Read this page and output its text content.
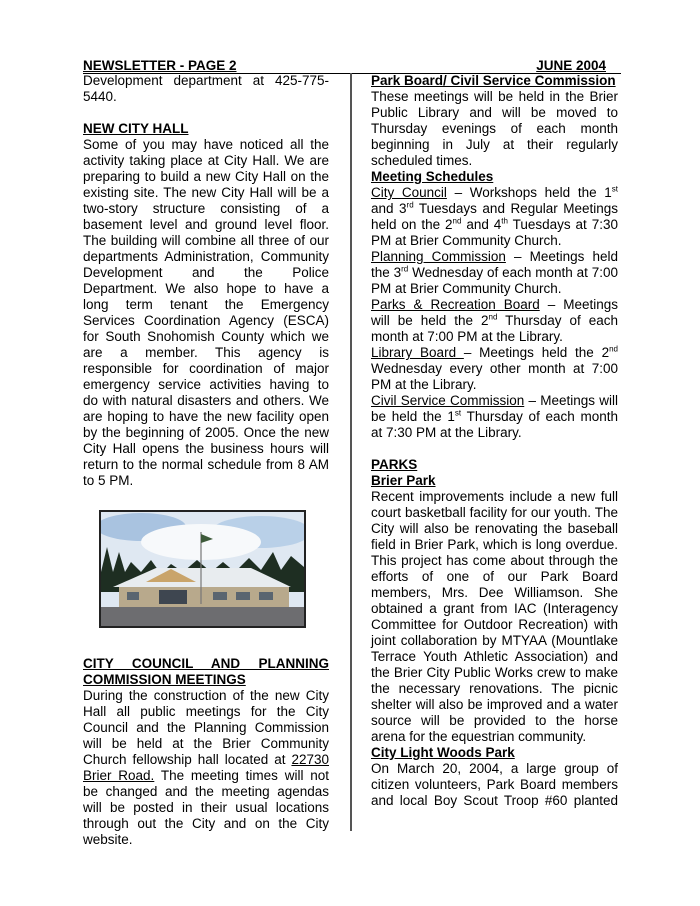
NEWSLETTER - PAGE 2	JUNE 2004

Development department at 425-775-5440.

NEW CITY HALL

Some of you may have noticed all the activity taking place at City Hall. We are preparing to build a new City Hall on the existing site. The new City Hall will be a two-story structure consisting of a basement level and ground level floor. The building will combine all three of our departments Administration, Community Development and the Police Department. We also hope to have a long term tenant the Emergency Services Coordination Agency (ESCA) for South Snohomish County which we are a member. This agency is responsible for coordination of major emergency service activities having to do with natural disasters and others. We are hoping to have the new facility open by the beginning of 2005. Once the new City Hall opens the business hours will return to the normal schedule from 8 AM to 5 PM.

CITY COUNCIL AND PLANNING

COMMISSION MEETINGS

During the construction of the new City Hall all public meetings for the City Council and the Planning Commission will be held at the Brier Community Church fellowship hall located at 22730 Brier Road. The meeting times will not be changed and the meeting agendas will be posted in their usual locations through out the City and on the City website.

Park Board/ Civil Service Commission

These meetings will be held in the Brier Public Library and will be moved to Thursday evenings of each month beginning in July at their regularly scheduled times.

Meeting Schedules

City Council – Workshops held the 1st and 3rd Tuesdays and Regular Meetings held on the 2nd and 4th Tuesdays at 7:30 PM at Brier Community Church.

Planning Commission – Meetings held the 3rd Wednesday of each month at 7:00 PM at Brier Community Church.

Parks & Recreation Board – Meetings will be held the 2nd Thursday of each month at 7:00 PM at the Library.

Library Board – Meetings held the 2nd Wednesday every other month at 7:00 PM at the Library.

Civil Service Commission – Meetings will be held the 1st Thursday of each month at 7:30 PM at the Library.

PARKS

Brier Park

Recent improvements include a new full court basketball facility for our youth. The City will also be renovating the baseball field in Brier Park, which is long overdue. This project has come about through the efforts of one of our Park Board members, Mrs. Dee Williamson. She obtained a grant from IAC (Interagency Committee for Outdoor Recreation) with joint collaboration by MTYAA (Mountlake Terrace Youth Athletic Association) and the Brier City Public Works crew to make the necessary renovations. The picnic shelter will also be improved and a water source will be provided to the horse arena for the equestrian community.

City Light Woods Park

On March 20, 2004, a large group of citizen volunteers, Park Board members and local Boy Scout Troop #60 planted
